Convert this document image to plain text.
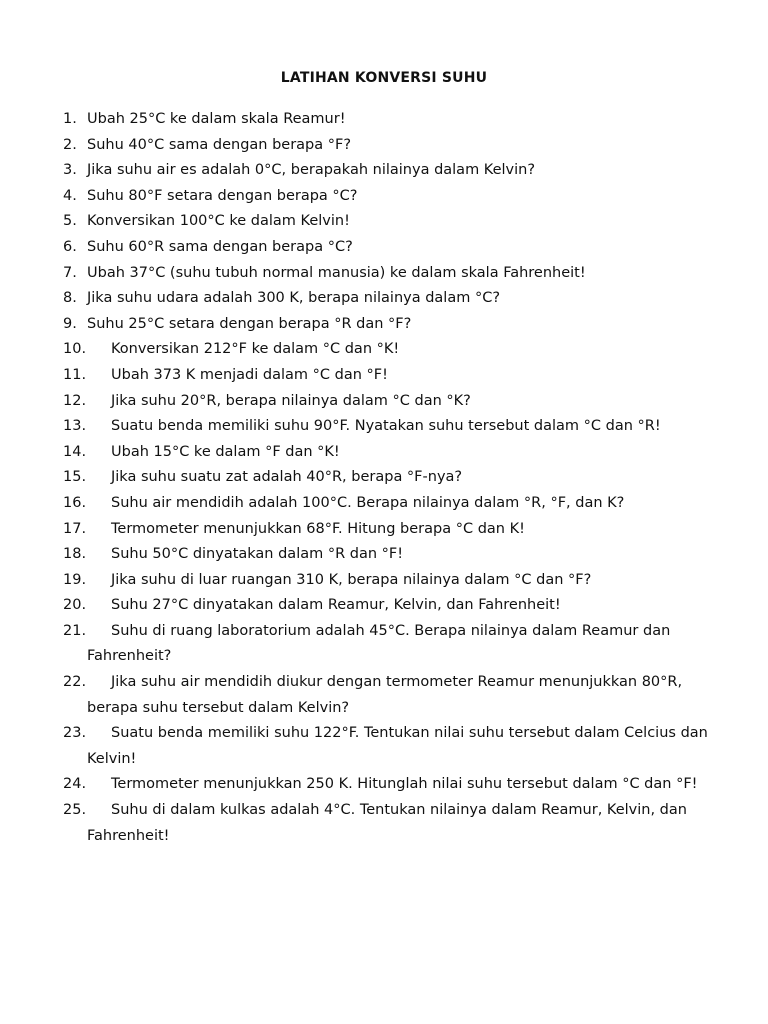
LATIHAN KONVERSI SUHU
1. Ubah 25°C ke dalam skala Reamur!
2. Suhu 40°C sama dengan berapa °F?
3. Jika suhu air es adalah 0°C, berapakah nilainya dalam Kelvin?
4. Suhu 80°F setara dengan berapa °C?
5. Konversikan 100°C ke dalam Kelvin!
6. Suhu 60°R sama dengan berapa °C?
7. Ubah 37°C (suhu tubuh normal manusia) ke dalam skala Fahrenheit!
8. Jika suhu udara adalah 300 K, berapa nilainya dalam °C?
9. Suhu 25°C setara dengan berapa °R dan °F?
10.	Konversikan 212°F ke dalam °C dan °K!
11.	Ubah 373 K menjadi dalam °C dan °F!
12.	Jika suhu 20°R, berapa nilainya dalam °C dan °K?
13.	Suatu benda memiliki suhu 90°F. Nyatakan suhu tersebut dalam °C dan °R!
14.	Ubah 15°C ke dalam °F dan °K!
15.	Jika suhu suatu zat adalah 40°R, berapa °F-nya?
16.	Suhu air mendidih adalah 100°C. Berapa nilainya dalam °R, °F, dan K?
17.	Termometer menunjukkan 68°F. Hitung berapa °C dan K!
18.	Suhu 50°C dinyatakan dalam °R dan °F!
19.	Jika suhu di luar ruangan 310 K, berapa nilainya dalam °C dan °F?
20.	Suhu 27°C dinyatakan dalam Reamur, Kelvin, dan Fahrenheit!
21.	Suhu di ruang laboratorium adalah 45°C. Berapa nilainya dalam Reamur dan Fahrenheit?
22.	Jika suhu air mendidih diukur dengan termometer Reamur menunjukkan 80°R, berapa suhu tersebut dalam Kelvin?
23.	Suatu benda memiliki suhu 122°F. Tentukan nilai suhu tersebut dalam Celcius dan Kelvin!
24.	Termometer menunjukkan 250 K. Hitunglah nilai suhu tersebut dalam °C dan °F!
25.	Suhu di dalam kulkas adalah 4°C. Tentukan nilainya dalam Reamur, Kelvin, dan Fahrenheit!
